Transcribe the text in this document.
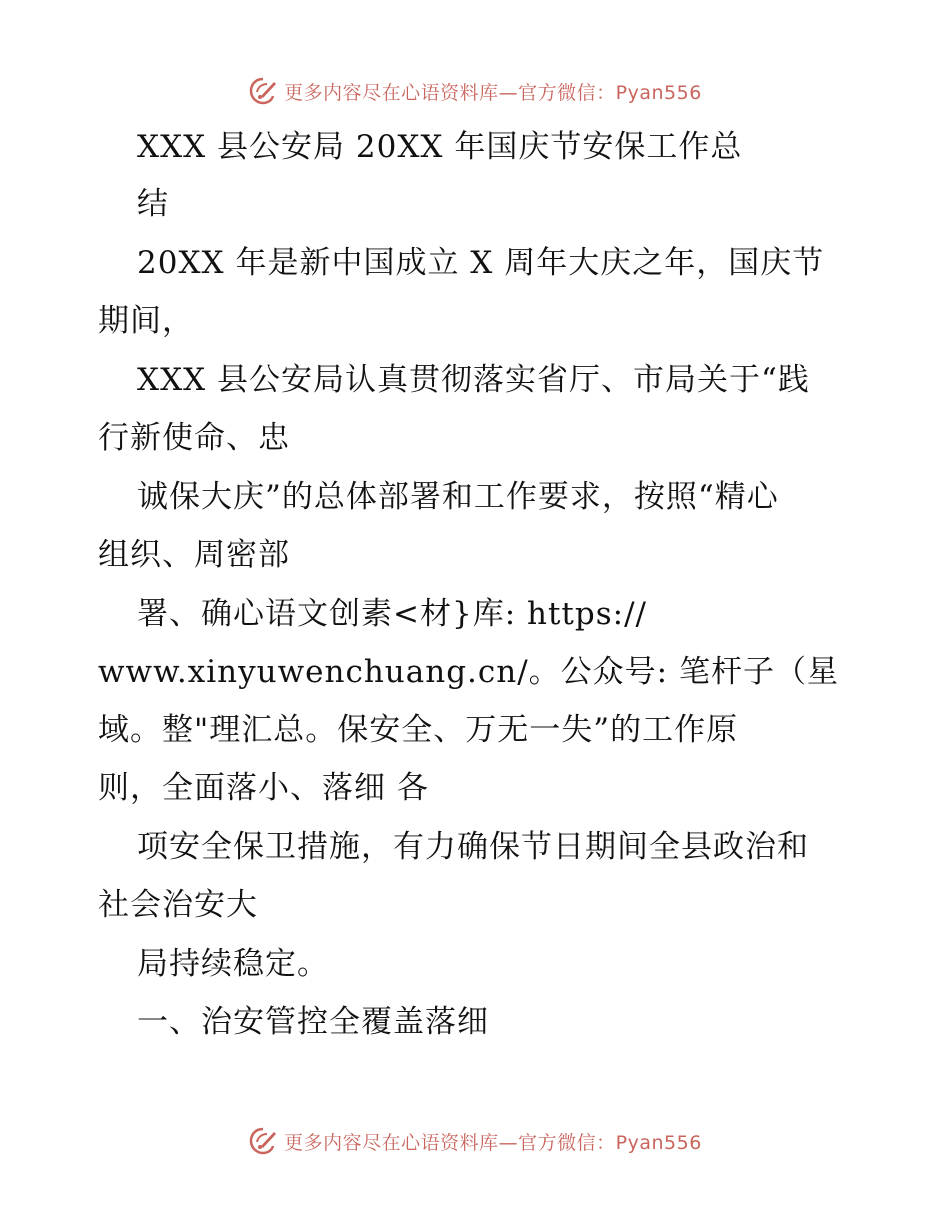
更多内容尽在心语资料库—官方微信：Pyan556
XXX 县公安局 20XX 年国庆节安保工作总
结
20XX 年是新中国成立 X 周年大庆之年，国庆节
期间，
XXX 县公安局认真贯彻落实省厅、市局关于“践
行新使命、忠
诚保大庆”的总体部署和工作要求，按照“精心
组织、周密部
署、确心语文创素<材}库: https://
www.xinyuwenchuang.cn/。公众号: 笔杆子（星
域。整"理汇总。保安全、万无一失”的工作原
则，全面落小、落细 各
项安全保卫措施，有力确保节日期间全县政治和
社会治安大
局持续稳定。
一、治安管控全覆盖落细
更多内容尽在心语资料库—官方微信：Pyan556
